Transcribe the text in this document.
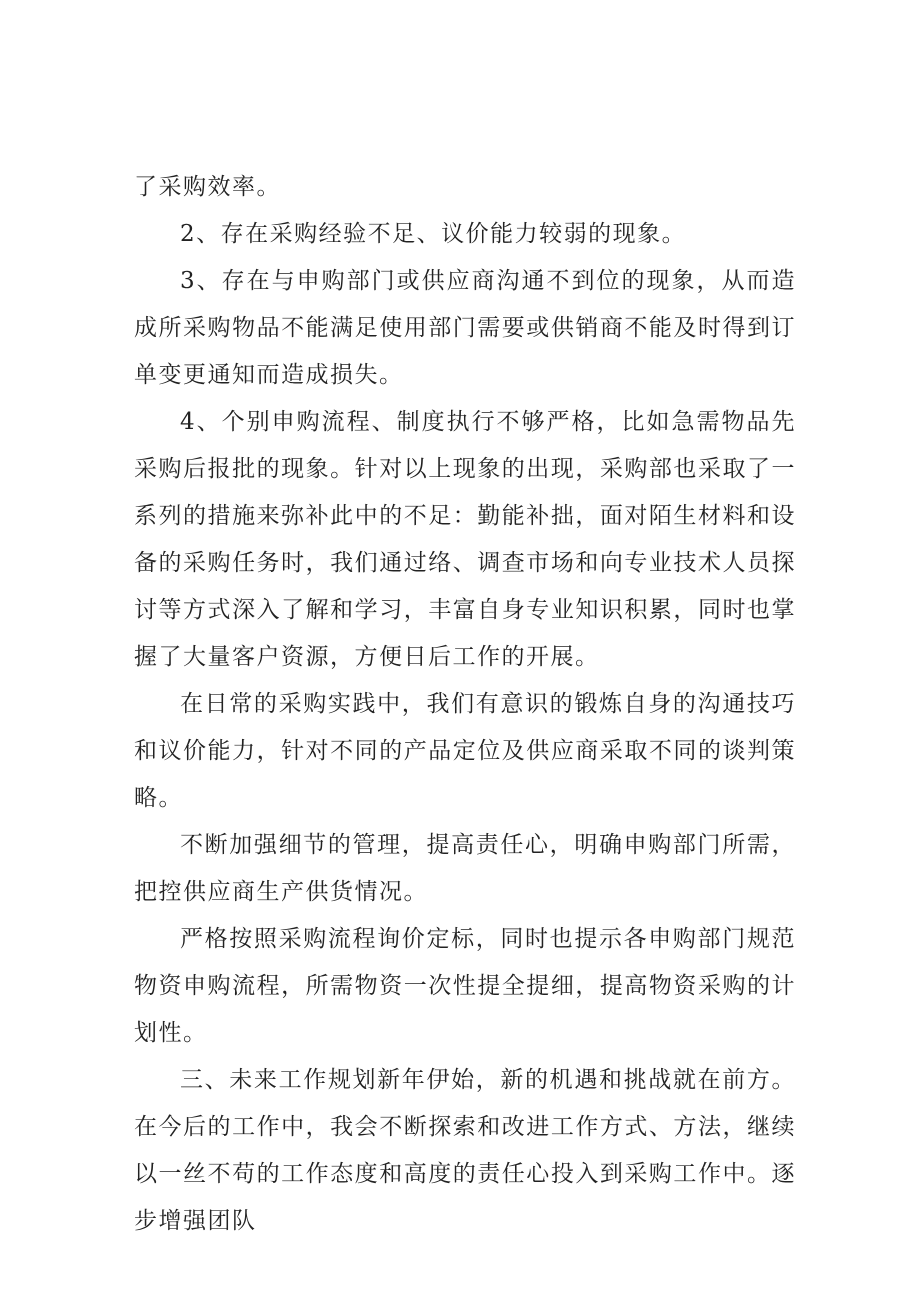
了采购效率。

2、存在采购经验不足、议价能力较弱的现象。

3、存在与申购部门或供应商沟通不到位的现象，从而造成所采购物品不能满足使用部门需要或供销商不能及时得到订单变更通知而造成损失。

4、个别申购流程、制度执行不够严格，比如急需物品先采购后报批的现象。针对以上现象的出现，采购部也采取了一系列的措施来弥补此中的不足：勤能补拙，面对陌生材料和设备的采购任务时，我们通过络、调查市场和向专业技术人员探讨等方式深入了解和学习，丰富自身专业知识积累，同时也掌握了大量客户资源，方便日后工作的开展。

在日常的采购实践中，我们有意识的锻炼自身的沟通技巧和议价能力，针对不同的产品定位及供应商采取不同的谈判策略。

不断加强细节的管理，提高责任心，明确申购部门所需，把控供应商生产供货情况。

严格按照采购流程询价定标，同时也提示各申购部门规范物资申购流程，所需物资一次性提全提细，提高物资采购的计划性。

三、未来工作规划新年伊始，新的机遇和挑战就在前方。在今后的工作中，我会不断探索和改进工作方式、方法，继续以一丝不苟的工作态度和高度的责任心投入到采购工作中。逐步增强团队
